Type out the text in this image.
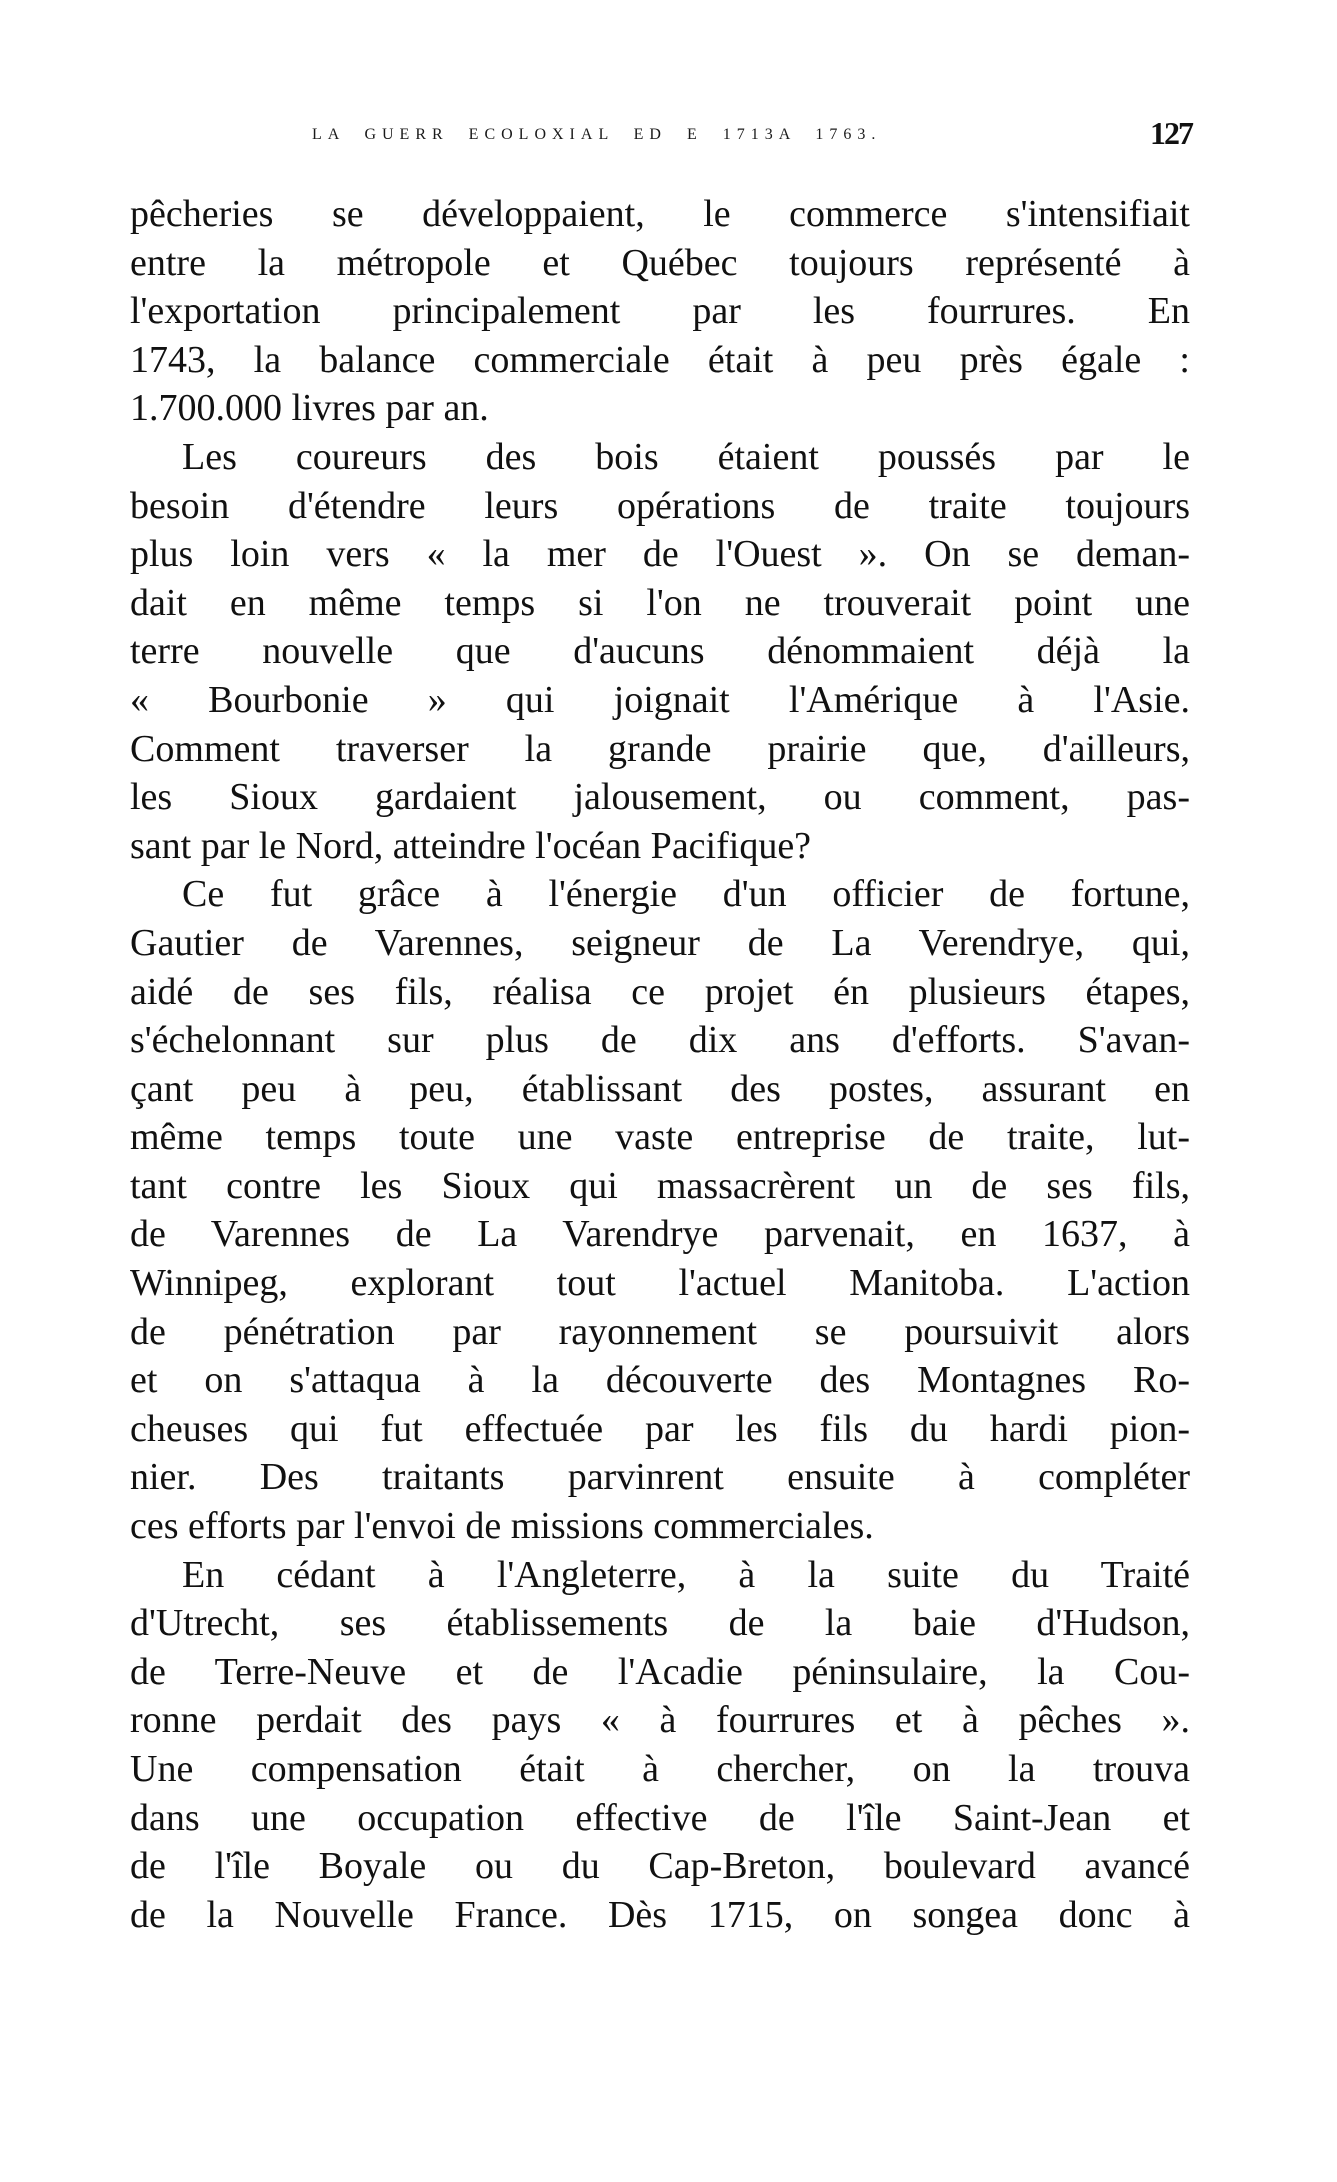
LA GUERR ECOLOXIAL ED E 1713A 1763.	127
pêcheries se développaient, le commerce s'intensifiait
entre la métropole et Québec toujours représenté à
l'exportation principalement par les fourrures. En
1743, la balance commerciale était à peu près égale :
1.700.000 livres par an.
Les coureurs des bois étaient poussés par le
besoin d'étendre leurs opérations de traite toujours
plus loin vers « la mer de l'Ouest ». On se deman-
dait en même temps si l'on ne trouverait point une
terre nouvelle que d'aucuns dénommaient déjà la
« Bourbonie » qui joignait l'Amérique à l'Asie.
Comment traverser la grande prairie que, d'ailleurs,
les Sioux gardaient jalousement, ou comment, pas-
sant par le Nord, atteindre l'océan Pacifique?
Ce fut grâce à l'énergie d'un officier de fortune,
Gautier de Varennes, seigneur de La Verendrye, qui,
aidé de ses fils, réalisa ce projet én plusieurs étapes,
s'échelonnant sur plus de dix ans d'efforts. S'avan-
çant peu à peu, établissant des postes, assurant en
même temps toute une vaste entreprise de traite, lut-
tant contre les Sioux qui massacrèrent un de ses fils,
de Varennes de La Varendrye parvenait, en 1637, à
Winnipeg, explorant tout l'actuel Manitoba. L'action
de pénétration par rayonnement se poursuivit alors
et on s'attaqua à la découverte des Montagnes Ro-
cheuses qui fut effectuée par les fils du hardi pion-
nier. Des traitants parvinrent ensuite à compléter
ces efforts par l'envoi de missions commerciales.
En cédant à l'Angleterre, à la suite du Traité
d'Utrecht, ses établissements de la baie d'Hudson,
de Terre-Neuve et de l'Acadie péninsulaire, la Cou-
ronne perdait des pays « à fourrures et à pêches ».
Une compensation était à chercher, on la trouva
dans une occupation effective de l'île Saint-Jean et
de l'île Boyale ou du Cap-Breton, boulevard avancé
de la Nouvelle France. Dès 1715, on songea donc à
